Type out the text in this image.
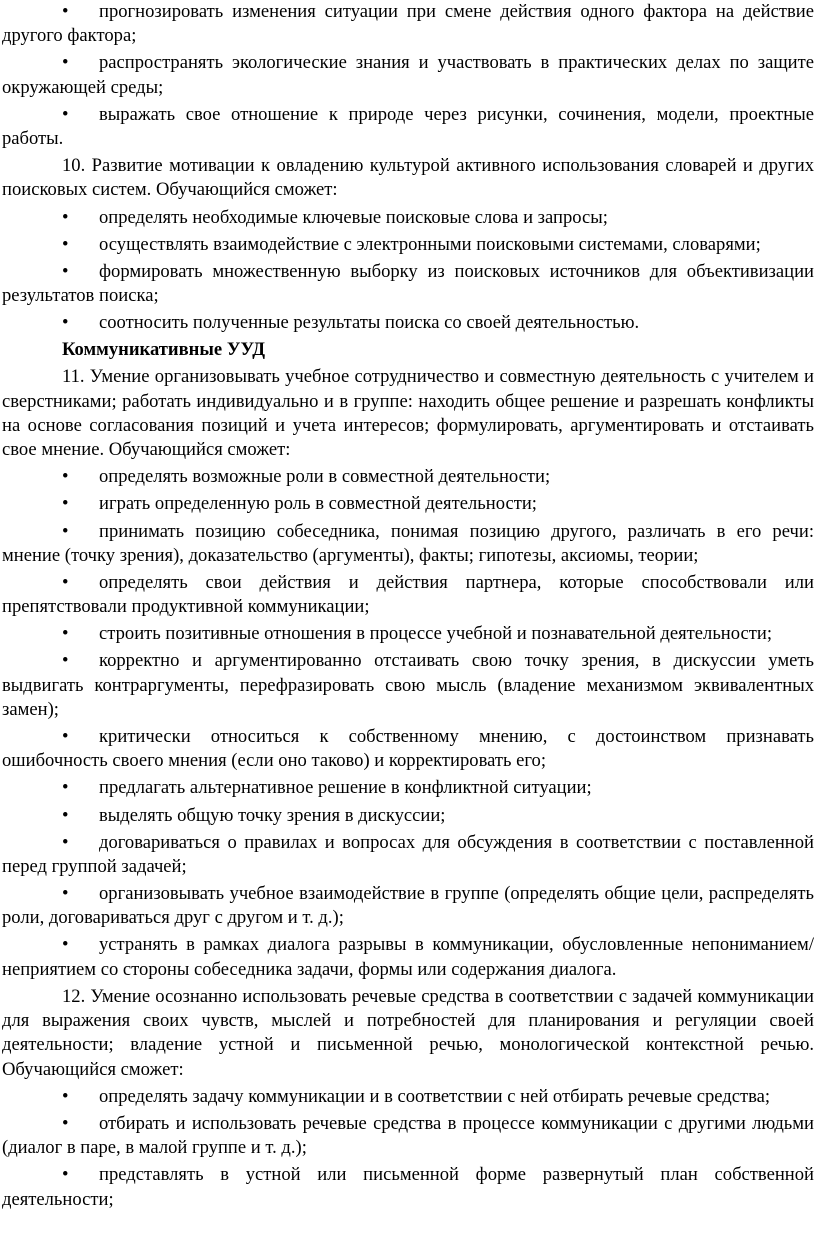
• прогнозировать изменения ситуации при смене действия одного фактора на действие другого фактора;

• распространять экологические знания и участвовать в практических делах по защите окружающей среды;

• выражать свое отношение к природе через рисунки, сочинения, модели, проектные работы.

10. Развитие мотивации к овладению культурой активного использования словарей и других поисковых систем. Обучающийся сможет:

• определять необходимые ключевые поисковые слова и запросы;

• осуществлять взаимодействие с электронными поисковыми системами, словарями;

• формировать множественную выборку из поисковых источников для объективизации результатов поиска;

• соотносить полученные результаты поиска со своей деятельностью.

Коммуникативные УУД

11. Умение организовывать учебное сотрудничество и совместную деятельность с учителем и сверстниками; работать индивидуально и в группе: находить общее решение и разрешать конфликты на основе согласования позиций и учета интересов; формулировать, аргументировать и отстаивать свое мнение. Обучающийся сможет:

• определять возможные роли в совместной деятельности;

• играть определенную роль в совместной деятельности;

• принимать позицию собеседника, понимая позицию другого, различать в его речи: мнение (точку зрения), доказательство (аргументы), факты; гипотезы, аксиомы, теории;

• определять свои действия и действия партнера, которые способствовали или препятствовали продуктивной коммуникации;

• строить позитивные отношения в процессе учебной и познавательной деятельности;

• корректно и аргументированно отстаивать свою точку зрения, в дискуссии уметь выдвигать контраргументы, перефразировать свою мысль (владение механизмом эквивалентных замен);

• критически относиться к собственному мнению, с достоинством признавать ошибочность своего мнения (если оно таково) и корректировать его;

• предлагать альтернативное решение в конфликтной ситуации;

• выделять общую точку зрения в дискуссии;

• договариваться о правилах и вопросах для обсуждения в соответствии с поставленной перед группой задачей;

• организовывать учебное взаимодействие в группе (определять общие цели, распределять роли, договариваться друг с другом и т. д.);

• устранять в рамках диалога разрывы в коммуникации, обусловленные непониманием/неприятием со стороны собеседника задачи, формы или содержания диалога.

12. Умение осознанно использовать речевые средства в соответствии с задачей коммуникации для выражения своих чувств, мыслей и потребностей для планирования и регуляции своей деятельности; владение устной и письменной речью, монологической контекстной речью. Обучающийся сможет:

• определять задачу коммуникации и в соответствии с ней отбирать речевые средства;

• отбирать и использовать речевые средства в процессе коммуникации с другими людьми (диалог в паре, в малой группе и т. д.);

• представлять в устной или письменной форме развернутый план собственной деятельности;
